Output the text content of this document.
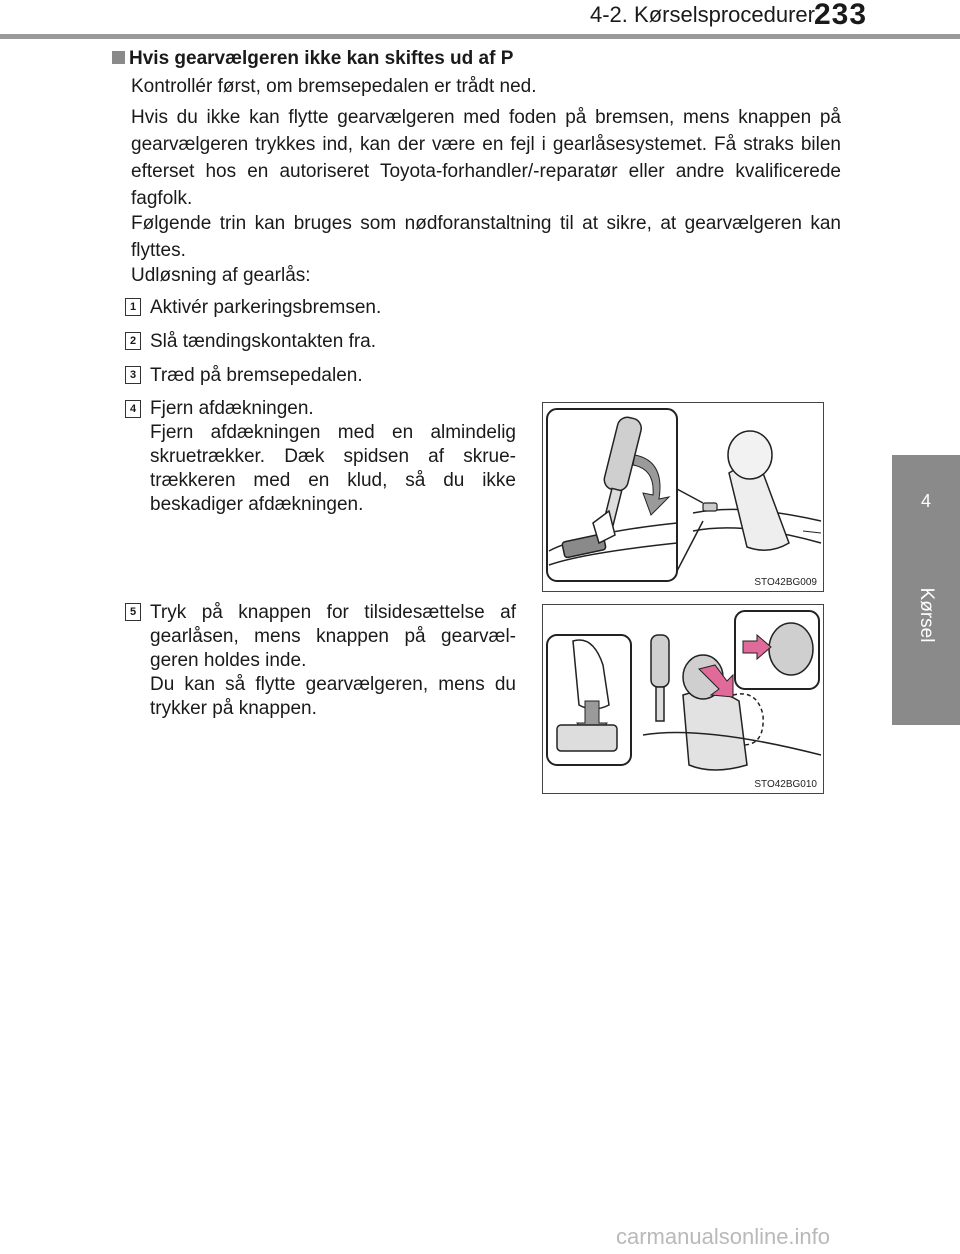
4-2. Kørselsprocedurer 233
4
Kørsel
Hvis gearvælgeren ikke kan skiftes ud af P
Kontrollér først, om bremsepedalen er trådt ned.
Hvis du ikke kan flytte gearvælgeren med foden på bremsen, mens knappen på gearvælgeren trykkes ind, kan der være en fejl i gearlåsesystemet. Få straks bilen efterset hos en autoriseret Toyota-forhandler/-reparatør eller andre kvalificerede fagfolk.
Følgende trin kan bruges som nødforanstaltning til at sikre, at gearvælgeren kan flyttes.
Udløsning af gearlås:
1 Aktivér parkeringsbremsen.
2 Slå tændingskontakten fra.
3 Træd på bremsepedalen.
4 Fjern afdækningen.
Fjern afdækningen med en almindelig skruetrækker. Dæk spidsen af skrue-trækkeren med en klud, så du ikke beskadiger afdækningen.
5 Tryk på knappen for tilsidesættelse af gearlåsen, mens knappen på gearvæl-geren holdes inde.
Du kan så flytte gearvælgeren, mens du trykker på knappen.
STO42BG009
STO42BG010
carmanualsonline.info
